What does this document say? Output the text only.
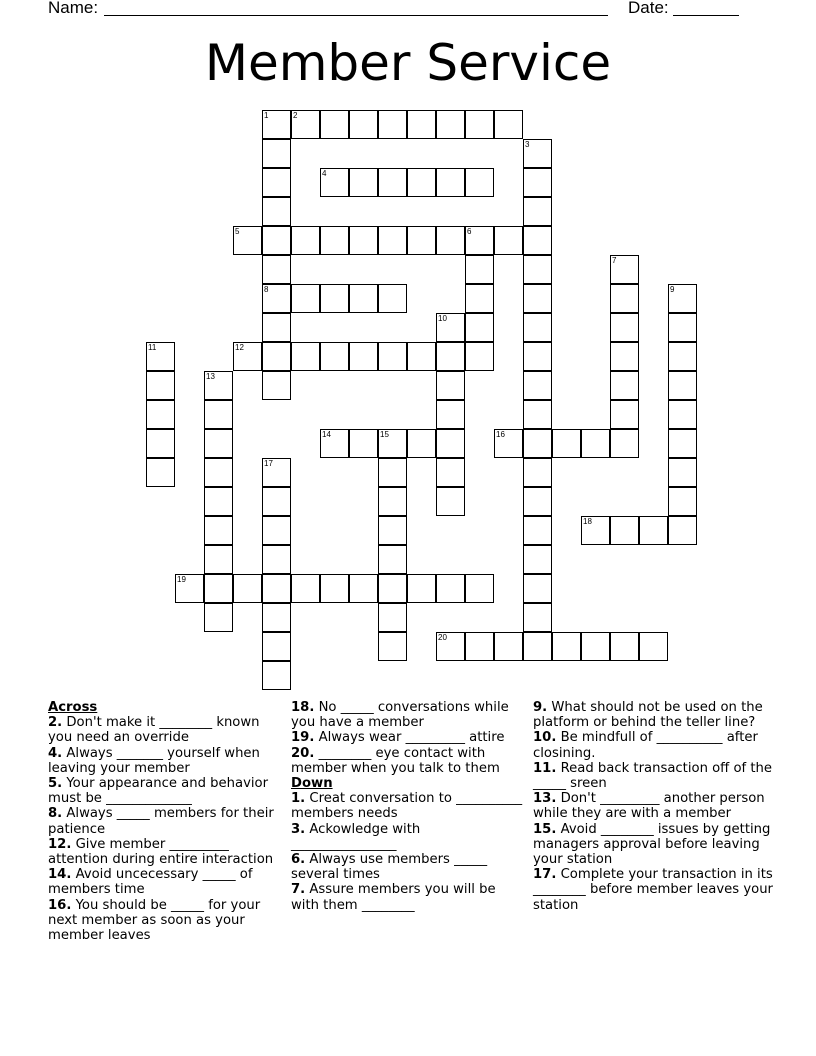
Name:	Date:
Member Service
1	2
3
4
5	6
7
8	9
10
11	12
13
14	15	16
17
18
19
20
Across
2. Don't make it ________ known you need an override
4. Always _______ yourself when leaving your member
5. Your appearance and behavior must be _____________
8. Always _____ members for their patience
12. Give member _________ attention during entire interaction
14. Avoid uncecessary _____ of members time
16. You should be _____ for your next member as soon as your member leaves
18. No _____ conversations while you have a member
19. Always wear _________ attire
20. ________ eye contact with member when you talk to them
Down
1. Creat conversation to __________ members needs
3. Ackowledge with ________________
6. Always use members _____ several times
7. Assure members you will be with them ________
9. What should not be used on the platform or behind the teller line?
10. Be mindfull of __________ after closining.
11. Read back transaction off of the _____ sreen
13. Don't _________ another person while they are with a member
15. Avoid ________ issues by getting managers approval before leaving your station
17. Complete your transaction in its ________ before member leaves your station
